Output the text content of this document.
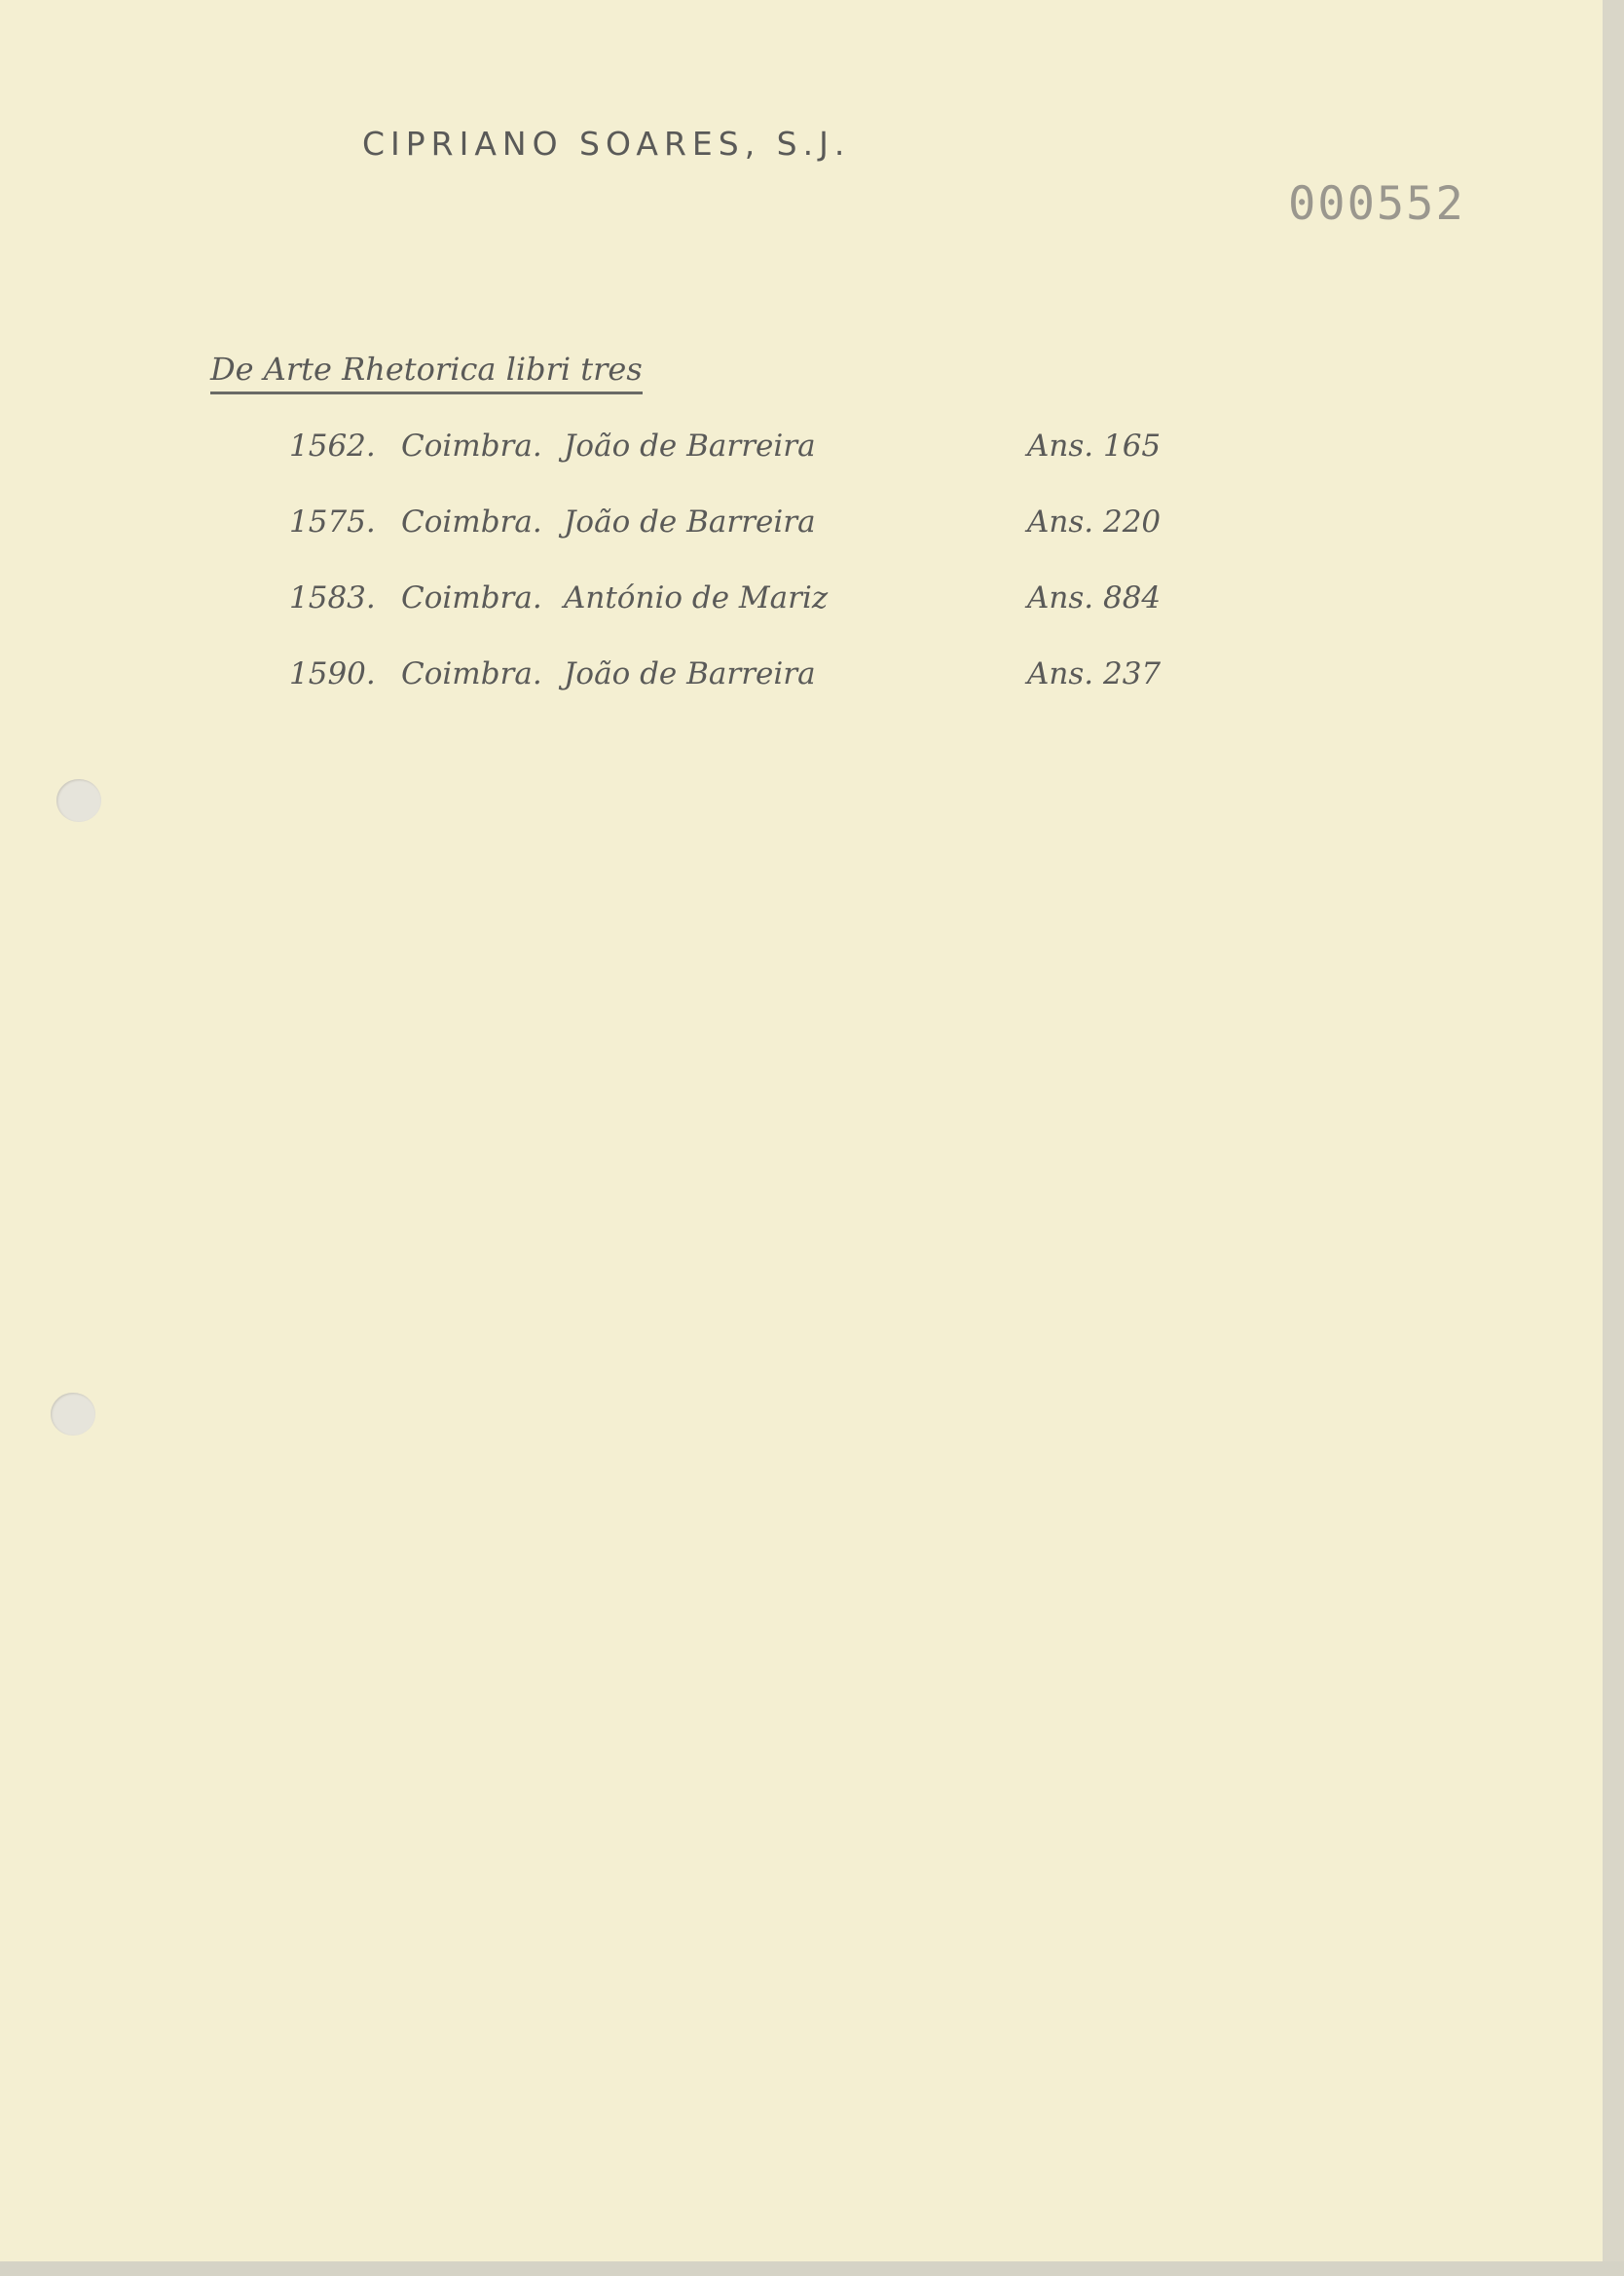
CIPRIANO SOARES, S.J.
000552
De Arte Rhetorica libri tres
1562. Coimbra. João de Barreira	Ans. 165
1575. Coimbra. João de Barreira	Ans. 220
1583. Coimbra. António de Mariz	Ans. 884
1590. Coimbra. João de Barreira	Ans. 237
